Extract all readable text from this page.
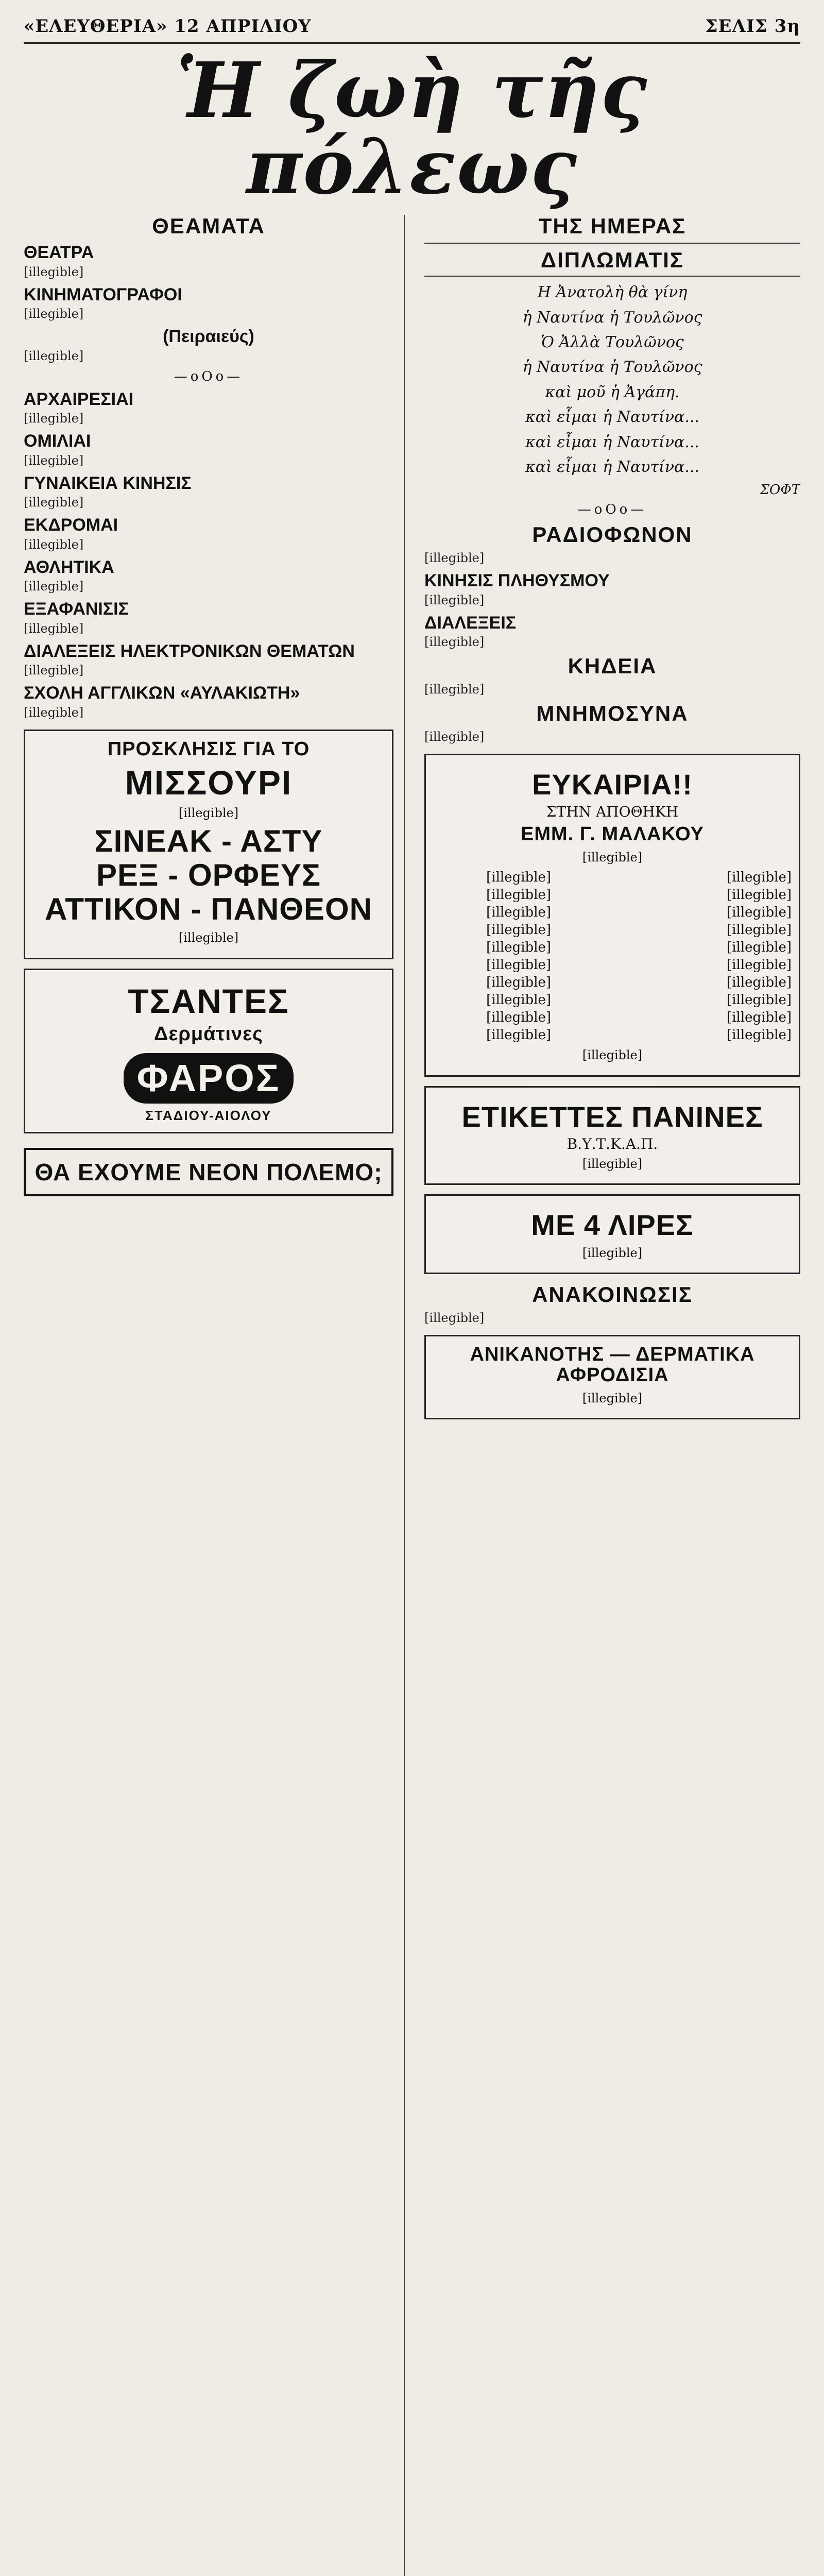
«ΕΛΕΥΘΕΡΙΑ» 12 ΑΠΡΙΛΙΟΥ	ΣΕΛΙΣ 3η
Ἡ ζωὴ τῆς πόλεως
ΘΕΑΜΑΤΑ
ΘΕΑΤΡΑ

[illegible]

ΚΙΝΗΜΑΤΟΓΡΑΦΟΙ

[illegible]

(Πειραιεύς)

[illegible]

—οΟο—
ΑΡΧΑΙΡΕΣΙΑΙ

[illegible]

ΟΜΙΛΙΑΙ

[illegible]

ΓΥΝΑΙΚΕΙΑ ΚΙΝΗΣΙΣ

[illegible]

ΕΚΔΡΟΜΑΙ

[illegible]

ΑΘΛΗΤΙΚΑ

[illegible]

ΕΞΑΦΑΝΙΣΙΣ

[illegible]

ΔΙΑΛΕΞΕΙΣ ΗΛΕΚΤΡΟΝΙΚΩΝ ΘΕΜΑΤΩΝ

[illegible]

ΣΧΟΛΗ ΑΓΓΛΙΚΩΝ «ΑΥΛΑΚΙΩΤΗ»

[illegible]

ΠΡΟΣΚΛΗΣΙΣ ΓΙΑ ΤΟ
ΜΙΣΣΟΥΡΙ

[illegible]

ΣΙΝΕΑΚ - ΑΣΤΥ
ΡΕΞ - ΟΡΦΕΥΣ
ΑΤΤΙΚΟΝ - ΠΑΝΘΕΟΝ

[illegible]

ΤΣΑΝΤΕΣ
Δερμάτινες
ΦΑΡΟΣ
ΣΤΑΔΙΟΥ-ΑΙΟΛΟΥ
ΘΑ ΕΧΟΥΜΕ ΝΕΟΝ ΠΟΛΕΜΟ;
ΤΗΣ ΗΜΕΡΑΣ
ΔΙΠΛΩΜΑΤΙΣ
Η Ἀνατολὴ θὰ γίνη
ἡ Ναυτίνα ἡ Τουλῶνος
Ὁ Ἀλλὰ Τουλῶνος
ἡ Ναυτίνα ἡ Τουλῶνος
καὶ μοῦ ἡ Ἀγάπη.
καὶ εἶμαι ἡ Ναυτίνα...
καὶ εἶμαι ἡ Ναυτίνα...
καὶ εἶμαι ἡ Ναυτίνα...
ΣΟΦΤ
—οΟο—
ΡΑΔΙΟΦΩΝΟΝ

[illegible]

ΚΙΝΗΣΙΣ ΠΛΗΘΥΣΜΟΥ

[illegible]

ΔΙΑΛΕΞΕΙΣ

[illegible]

ΚΗΔΕΙΑ

[illegible]

ΜΝΗΜΟΣΥΝΑ

[illegible]

ΕΥΚΑΙΡΙΑ!!
ΣΤΗΝ ΑΠΟΘΗΚΗ
ΕΜΜ. Γ. ΜΑΛΑΚΟΥ
[illegible]
[illegible]	[illegible]
[illegible]	[illegible]
[illegible]	[illegible]
[illegible]	[illegible]
[illegible]	[illegible]
[illegible]	[illegible]
[illegible]	[illegible]
[illegible]	[illegible]
[illegible]	[illegible]
[illegible]	[illegible]

[illegible]

ΕΤΙΚΕΤΤΕΣ ΠΑΝΙΝΕΣ
Β.Υ.Τ.Κ.Α.Π.

[illegible]

ΜΕ 4 ΛΙΡΕΣ

[illegible]

ΑΝΑΚΟΙΝΩΣΙΣ

[illegible]

ΑΝΙΚΑΝΟΤΗΣ — ΔΕΡΜΑΤΙΚΑ ΑΦΡΟΔΙΣΙΑ

[illegible]
